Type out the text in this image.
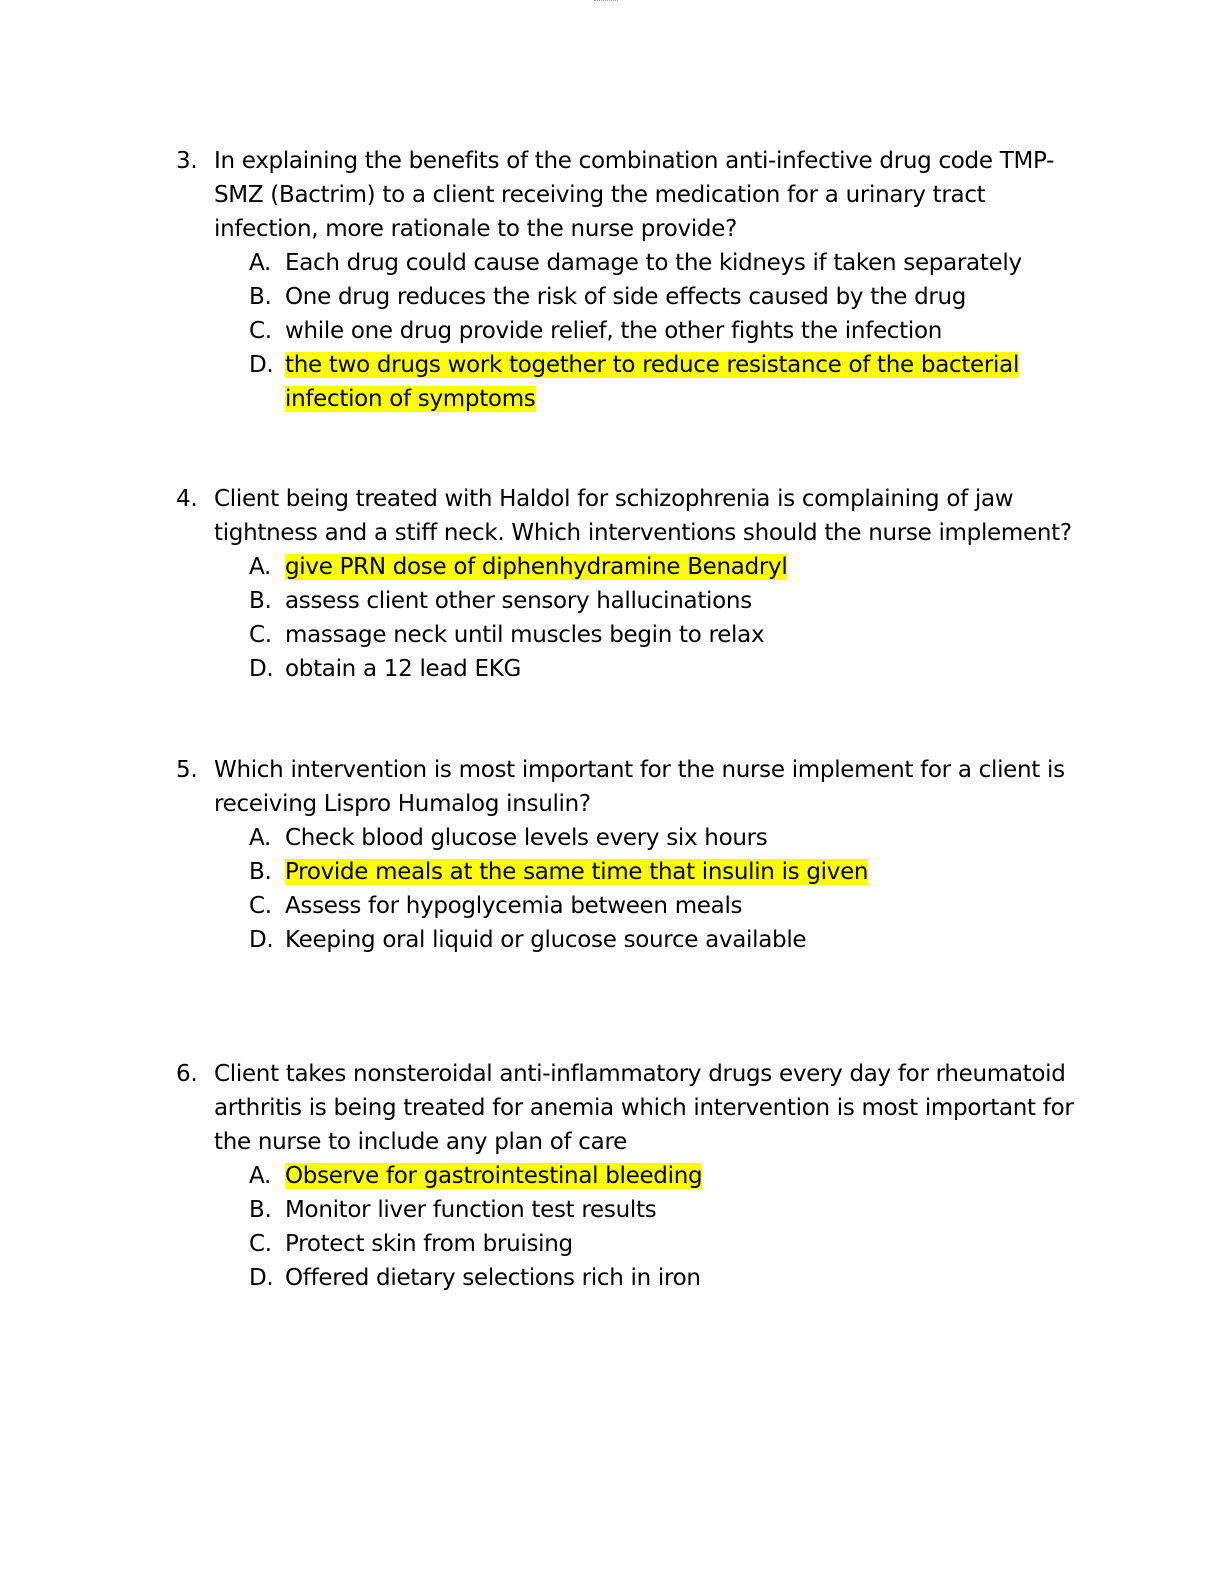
3. In explaining the benefits of the combination anti-infective drug code TMP-SMZ (Bactrim) to a client receiving the medication for a urinary tract infection, more rationale to the nurse provide?
A. Each drug could cause damage to the kidneys if taken separately
B. One drug reduces the risk of side effects caused by the drug
C. while one drug provide relief, the other fights the infection
D. the two drugs work together to reduce resistance of the bacterial infection of symptoms
4. Client being treated with Haldol for schizophrenia is complaining of jaw tightness and a stiff neck. Which interventions should the nurse implement?
A. give PRN dose of diphenhydramine Benadryl
B. assess client other sensory hallucinations
C. massage neck until muscles begin to relax
D. obtain a 12 lead EKG
5. Which intervention is most important for the nurse implement for a client is receiving Lispro Humalog insulin?
A. Check blood glucose levels every six hours
B. Provide meals at the same time that insulin is given
C. Assess for hypoglycemia between meals
D. Keeping oral liquid or glucose source available
6. Client takes nonsteroidal anti-inflammatory drugs every day for rheumatoid arthritis is being treated for anemia which intervention is most important for the nurse to include any plan of care
A. Observe for gastrointestinal bleeding
B. Monitor liver function test results
C. Protect skin from bruising
D. Offered dietary selections rich in iron
